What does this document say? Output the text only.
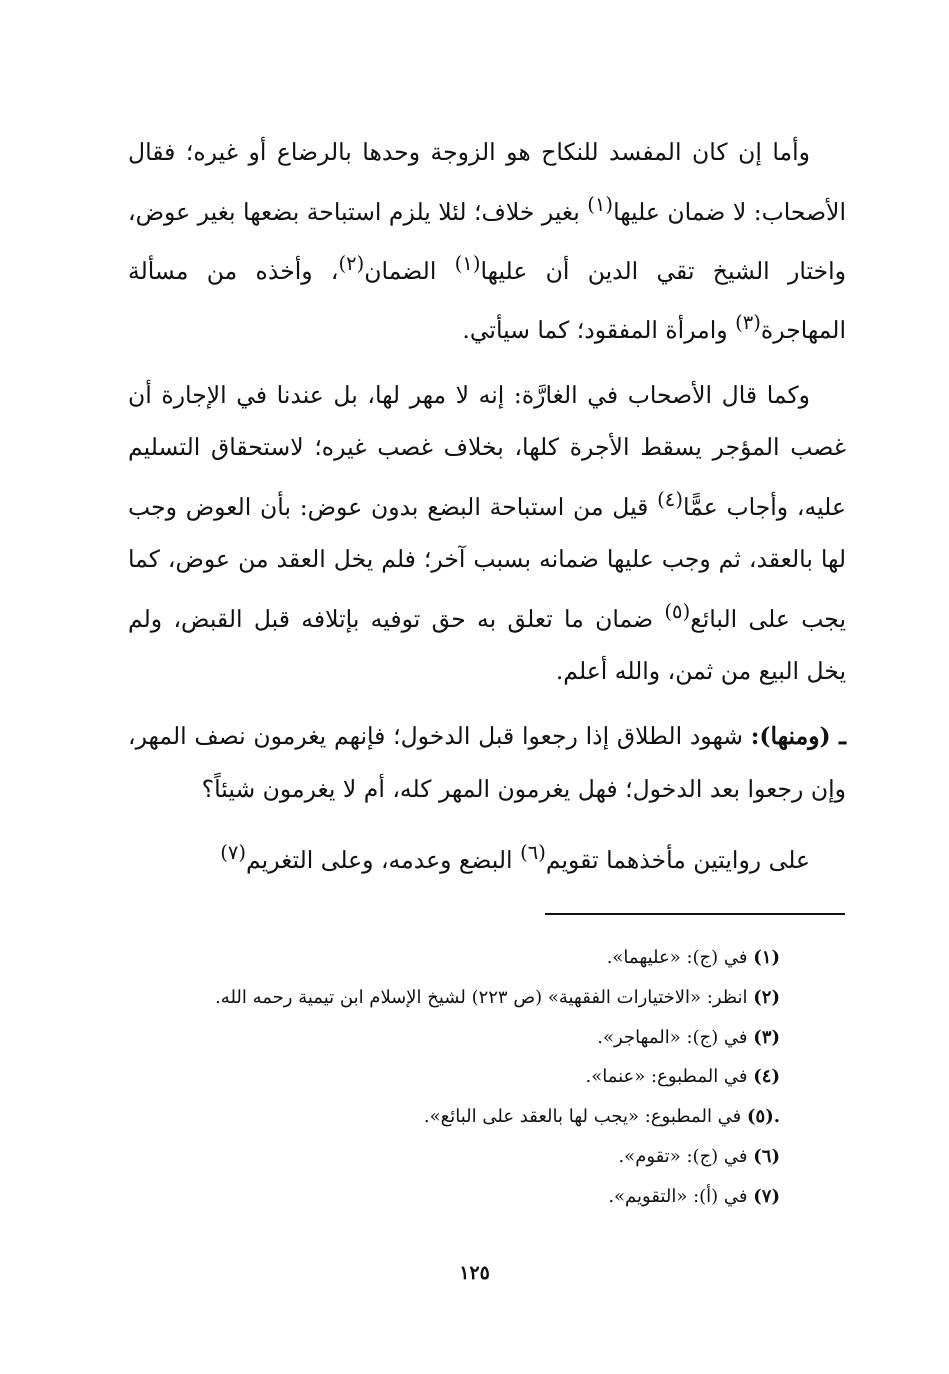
وأما إن كان المفسد للنكاح هو الزوجة وحدها بالرضاع أو غيره؛ فقال الأصحاب: لا ضمان عليها$^{(١)}$ بغير خلاف؛ لئلا يلزم استباحة بضعها بغير عوض، واختار الشيخ تقي الدين أن عليها$^{(١)}$ الضمان$^{(٢)}$، وأخذه من مسألة المهاجرة$^{(٣)}$ وامرأة المفقود؛ كما سيأتي.

وكما قال الأصحاب في الغارَّة: إنه لا مهر لها، بل عندنا في الإجارة أن غصب المؤجر يسقط الأجرة كلها، بخلاف غصب غيره؛ لاستحقاق التسليم عليه، وأجاب عمًّا$^{(٤)}$ قيل من استباحة البضع بدون عوض: بأن العوض وجب لها بالعقد، ثم وجب عليها ضمانه بسبب آخر؛ فلم يخل العقد من عوض، كما يجب على البائع$^{(٥)}$ ضمان ما تعلق به حق توفيه بإتلافه قبل القبض، ولم يخل البيع من ثمن، والله أعلم.

ـ (ومنها): شهود الطلاق إذا رجعوا قبل الدخول؛ فإنهم يغرمون نصف المهر، وإن رجعوا بعد الدخول؛ فهل يغرمون المهر كله، أم لا يغرمون شيئاً؟

على روايتين مأخذهما تقويم$^{(٦)}$ البضع وعدمه، وعلى التغريم$^{(٧)}$

(١) في (ج): «عليهما».

(٢) انظر: «الاختيارات الفقهية» (ص ٢٢٣) لشيخ الإسلام ابن تيمية رحمه الله.

(٣) في (ج): «المهاجر».

(٤) في المطبوع: «عنما».

.(٥) في المطبوع: «يجب لها بالعقد على البائع».

(٦) في (ج): «تقوم».

(٧) في (أ): «التقويم».

١٢٥
